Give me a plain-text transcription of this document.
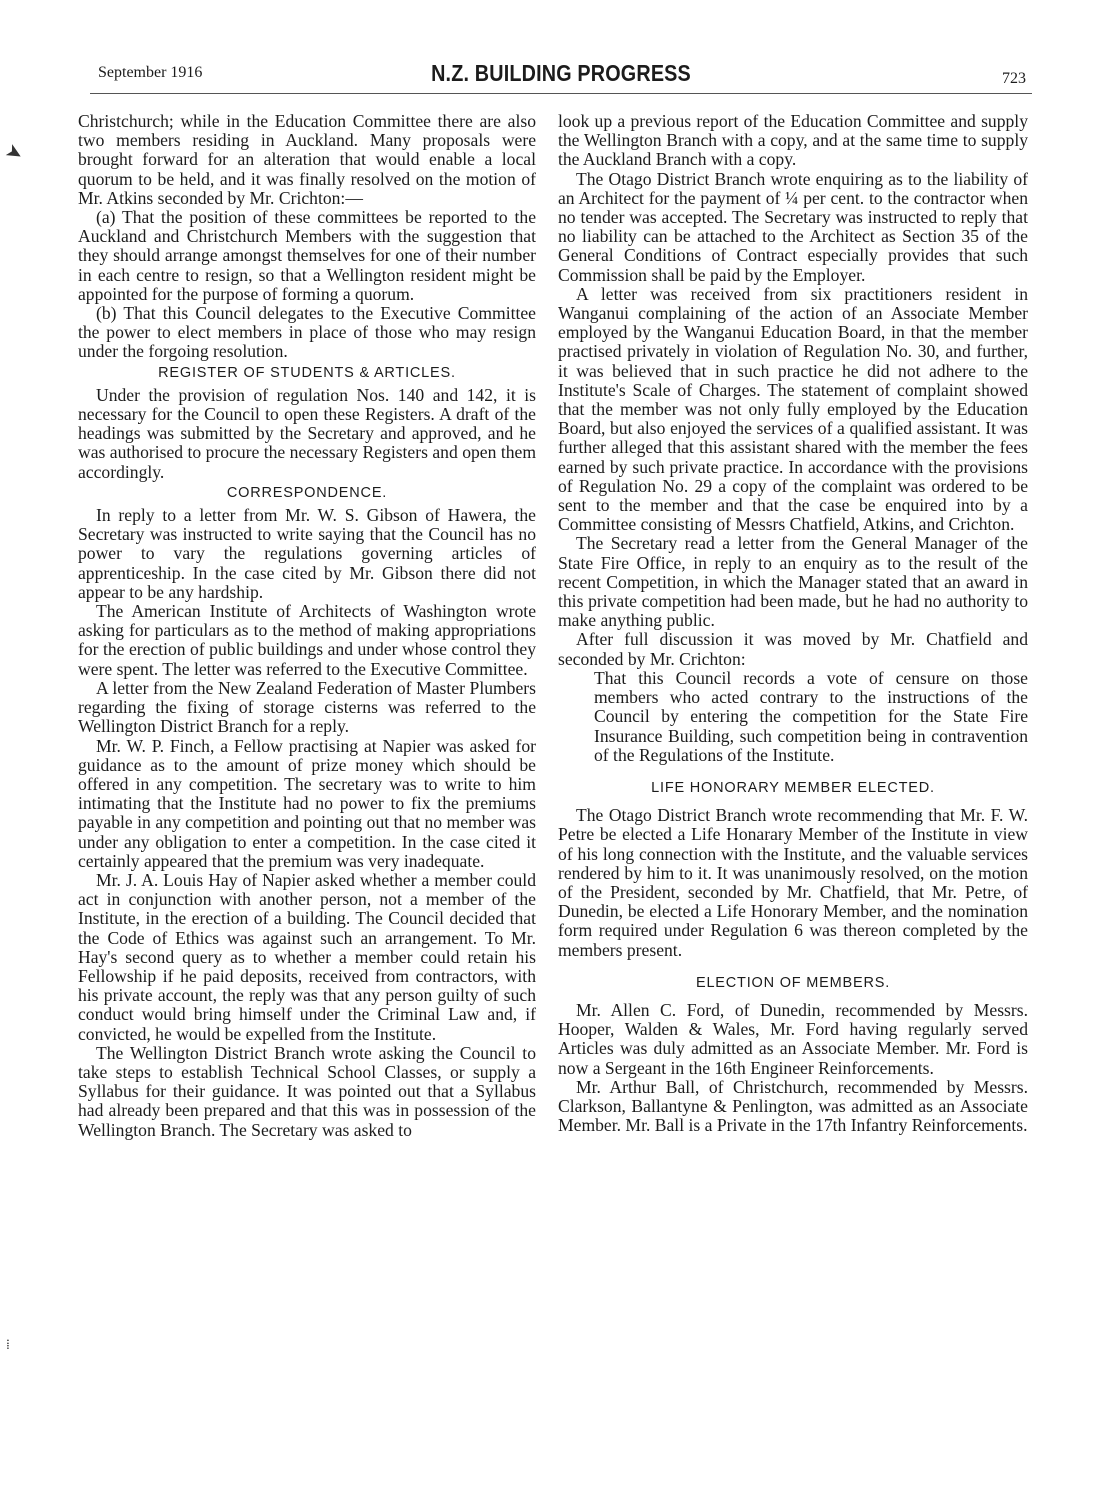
September 1916	N.Z. BUILDING PROGRESS	723
➤
⁞

Christchurch; while in the Education Committee there are also two members residing in Auckland. Many proposals were brought forward for an alteration that would enable a local quorum to be held, and it was finally resolved on the motion of Mr. Atkins seconded by Mr. Crichton:—

(a) That the position of these committees be reported to the Auckland and Christchurch Members with the suggestion that they should arrange amongst themselves for one of their number in each centre to resign, so that a Wellington resident might be appointed for the purpose of forming a quorum.

(b) That this Council delegates to the Executive Committee the power to elect members in place of those who may resign under the forgoing resolution.

REGISTER OF STUDENTS & ARTICLES.

Under the provision of regulation Nos. 140 and 142, it is necessary for the Council to open these Registers. A draft of the headings was submitted by the Secretary and approved, and he was authorised to procure the necessary Registers and open them accordingly.

CORRESPONDENCE.

In reply to a letter from Mr. W. S. Gibson of Hawera, the Secretary was instructed to write saying that the Council has no power to vary the regulations governing articles of apprenticeship. In the case cited by Mr. Gibson there did not appear to be any hardship.

The American Institute of Architects of Washington wrote asking for particulars as to the method of making appropriations for the erection of public buildings and under whose control they were spent. The letter was referred to the Executive Committee.

A letter from the New Zealand Federation of Master Plumbers regarding the fixing of storage cisterns was referred to the Wellington District Branch for a reply.

Mr. W. P. Finch, a Fellow practising at Napier was asked for guidance as to the amount of prize money which should be offered in any competition. The secretary was to write to him intimating that the Institute had no power to fix the premiums payable in any competition and pointing out that no member was under any obligation to enter a competition. In the case cited it certainly appeared that the premium was very inadequate.

Mr. J. A. Louis Hay of Napier asked whether a member could act in conjunction with another person, not a member of the Institute, in the erection of a building. The Council decided that the Code of Ethics was against such an arrangement. To Mr. Hay's second query as to whether a member could retain his Fellowship if he paid deposits, received from contractors, with his private account, the reply was that any person guilty of such conduct would bring himself under the Criminal Law and, if convicted, he would be expelled from the Institute.

The Wellington District Branch wrote asking the Council to take steps to establish Technical School Classes, or supply a Syllabus for their guidance. It was pointed out that a Syllabus had already been prepared and that this was in possession of the Wellington Branch. The Secretary was asked to

look up a previous report of the Education Committee and supply the Wellington Branch with a copy, and at the same time to supply the Auckland Branch with a copy.

The Otago District Branch wrote enquiring as to the liability of an Architect for the payment of ¼ per cent. to the contractor when no tender was accepted. The Secretary was instructed to reply that no liability can be attached to the Architect as Section 35 of the General Conditions of Contract especially provides that such Commission shall be paid by the Employer.

A letter was received from six practitioners resident in Wanganui complaining of the action of an Associate Member employed by the Wanganui Education Board, in that the member practised privately in violation of Regulation No. 30, and further, it was believed that in such practice he did not adhere to the Institute's Scale of Charges. The statement of complaint showed that the member was not only fully employed by the Education Board, but also enjoyed the services of a qualified assistant. It was further alleged that this assistant shared with the member the fees earned by such private practice. In accordance with the provisions of Regulation No. 29 a copy of the complaint was ordered to be sent to the member and that the case be enquired into by a Committee consisting of Messrs Chatfield, Atkins, and Crichton.

The Secretary read a letter from the General Manager of the State Fire Office, in reply to an enquiry as to the result of the recent Competition, in which the Manager stated that an award in this private competition had been made, but he had no authority to make anything public.

After full discussion it was moved by Mr. Chatfield and seconded by Mr. Crichton:

That this Council records a vote of censure on those members who acted contrary to the instructions of the Council by entering the competition for the State Fire Insurance Building, such competition being in contravention of the Regulations of the Institute.

LIFE HONORARY MEMBER ELECTED.

The Otago District Branch wrote recommending that Mr. F. W. Petre be elected a Life Honarary Member of the Institute in view of his long connection with the Institute, and the valuable services rendered by him to it. It was unanimously resolved, on the motion of the President, seconded by Mr. Chatfield, that Mr. Petre, of Dunedin, be elected a Life Honorary Member, and the nomination form required under Regulation 6 was thereon completed by the members present.

ELECTION OF MEMBERS.

Mr. Allen C. Ford, of Dunedin, recommended by Messrs. Hooper, Walden & Wales, Mr. Ford having regularly served Articles was duly admitted as an Associate Member. Mr. Ford is now a Sergeant in the 16th Engineer Reinforcements.

Mr. Arthur Ball, of Christchurch, recommended by Messrs. Clarkson, Ballantyne & Penlington, was admitted as an Associate Member. Mr. Ball is a Private in the 17th Infantry Reinforcements.
